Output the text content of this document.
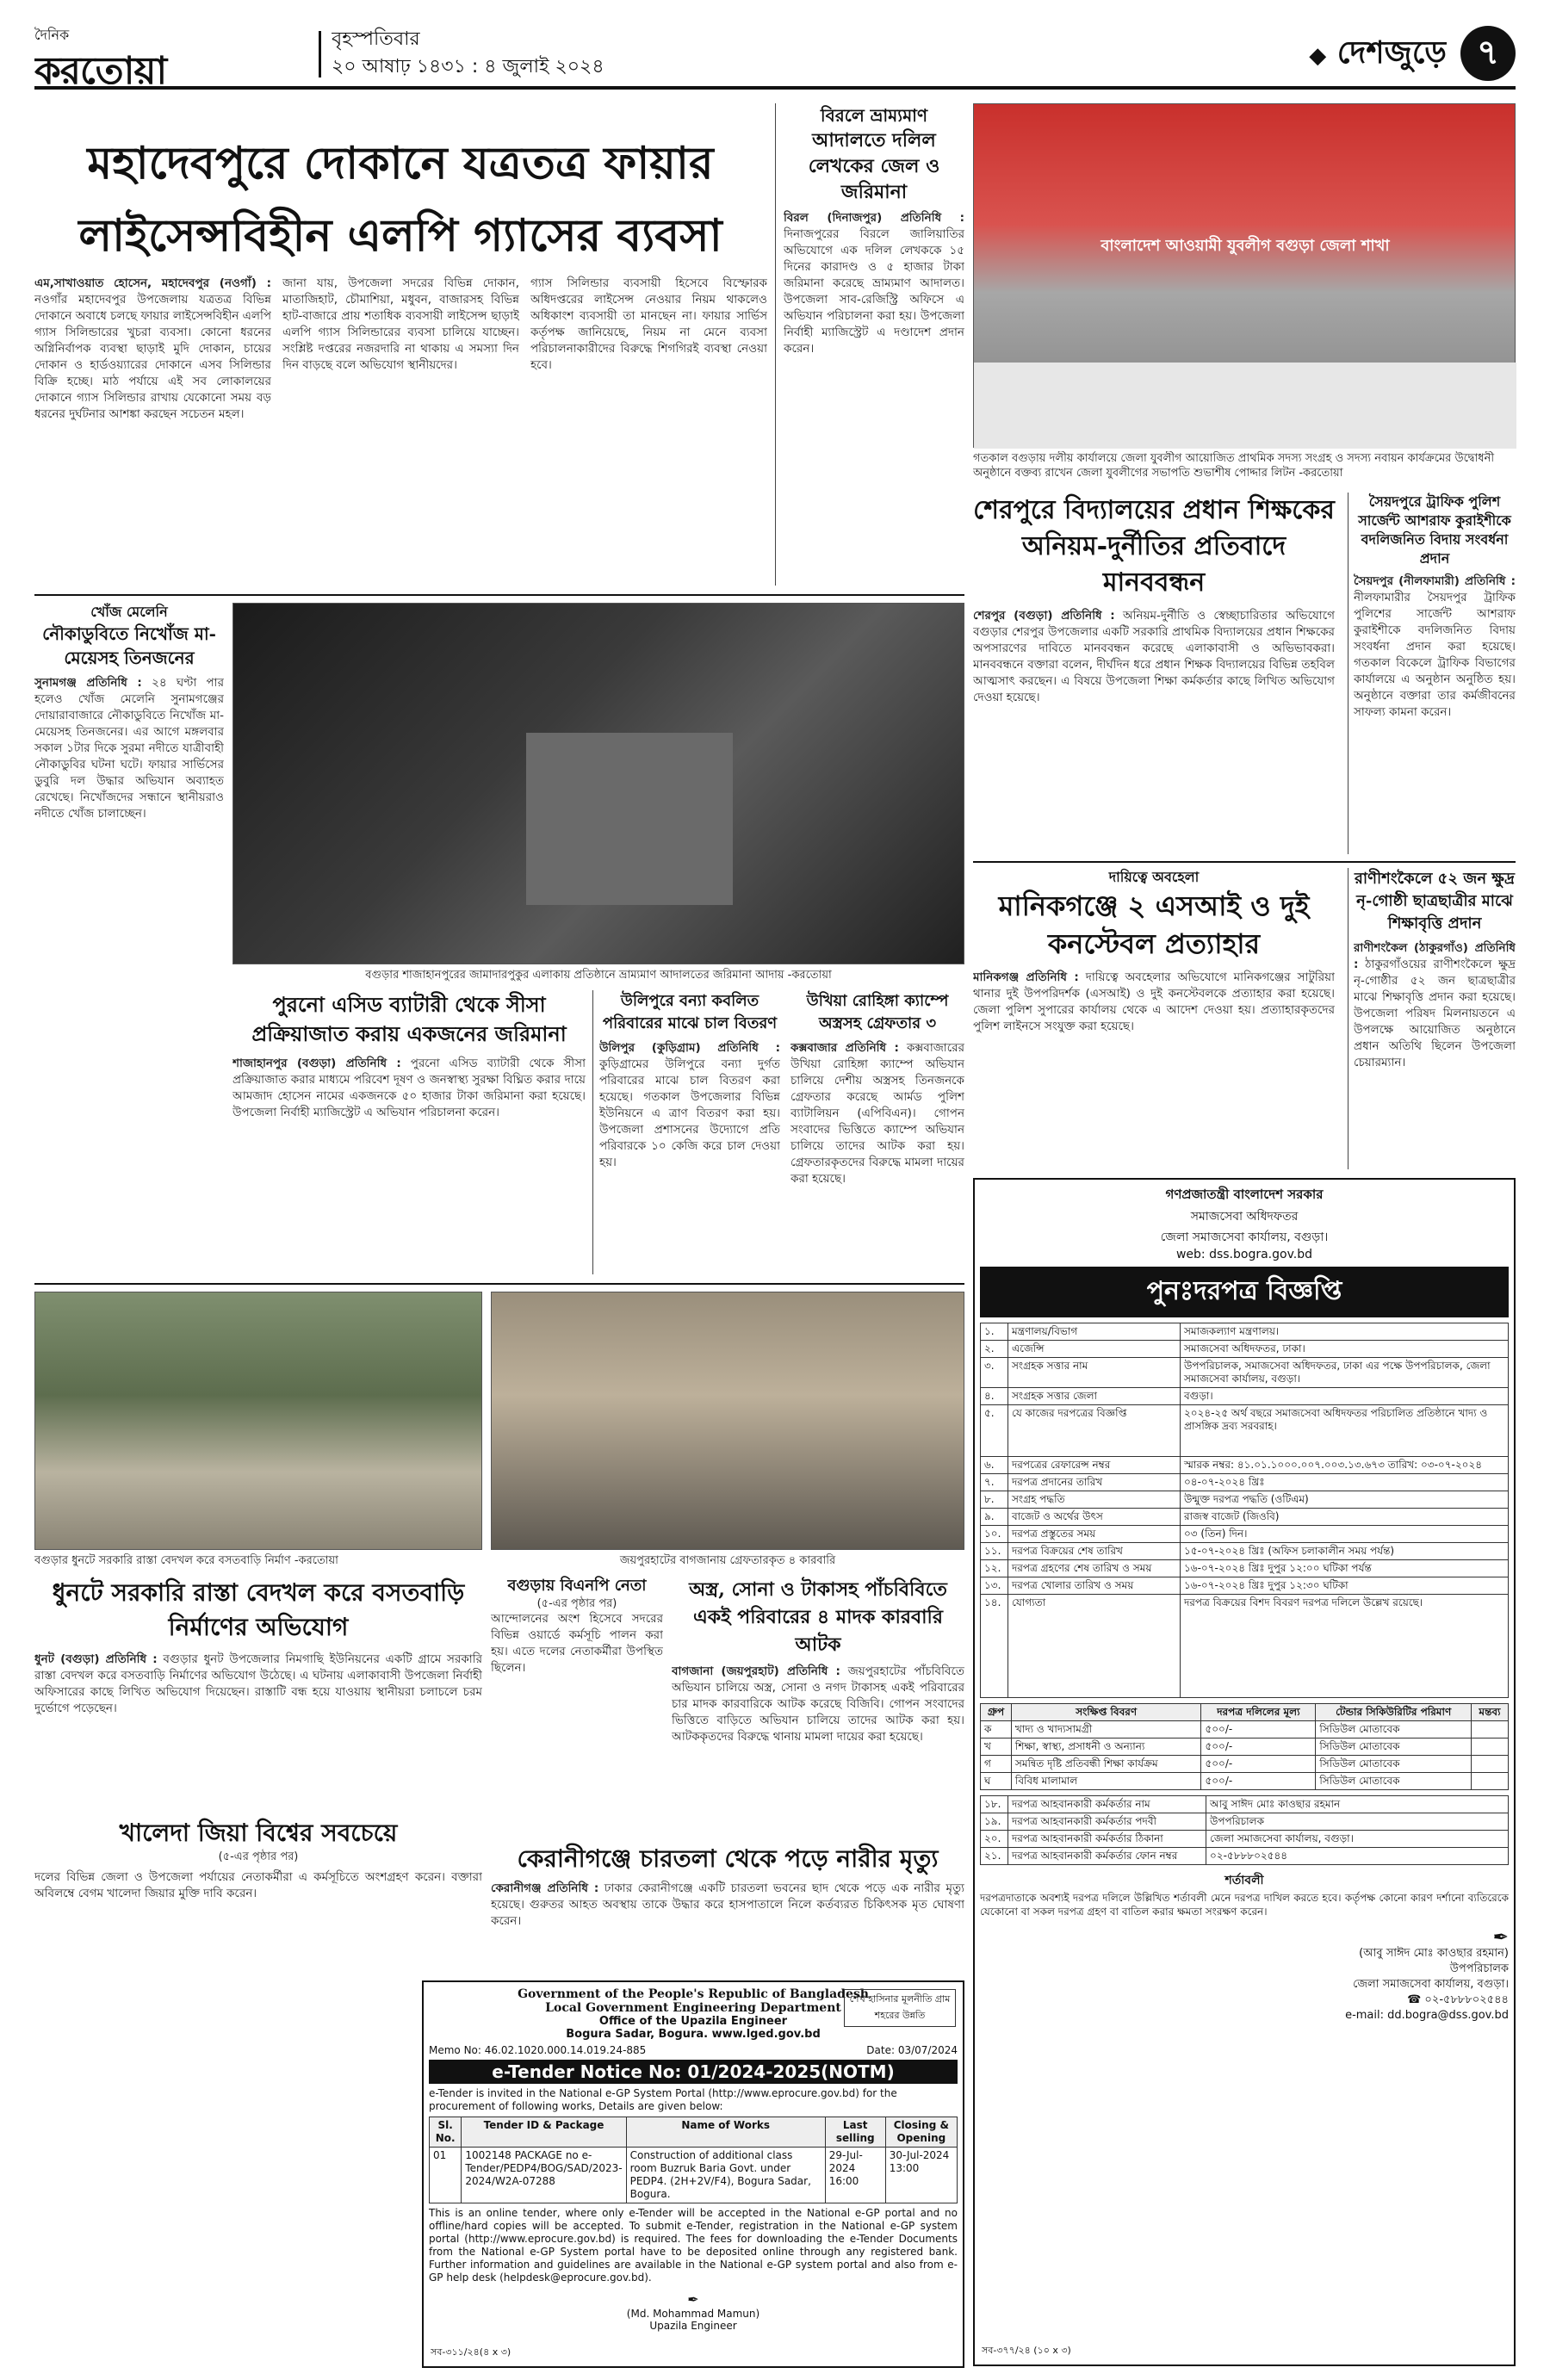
দৈনিক
করতোয়া
বৃহস্পতিবার
২০ আষাঢ় ১৪৩১ : ৪ জুলাই ২০২৪	◆ দেশজুড়ে ৭
মহাদেবপুরে দোকানে যত্রতত্র ফায়ার
লাইসেন্সবিহীন এলপি গ্যাসের ব্যবসা
এম,সাখাওয়াত হোসেন, মহাদেবপুর (নওগাঁ) : নওগাঁর মহাদেবপুর উপজেলায় যত্রতত্র বিভিন্ন দোকানে অবাধে চলছে ফায়ার লাইসেন্সবিহীন এলপি গ্যাস সিলিন্ডারের খুচরা ব্যবসা। কোনো ধরনের অগ্নিনির্বাপক ব্যবস্থা ছাড়াই মুদি দোকান, চায়ের দোকান ও হার্ডওয়্যারের দোকানে এসব সিলিন্ডার বিক্রি হচ্ছে। মাঠ পর্যায়ে এই সব লোকালয়ের দোকানে গ্যাস সিলিন্ডার রাখায় যেকোনো সময় বড় ধরনের দুর্ঘটনার আশঙ্কা করছেন সচেতন মহল।
জানা যায়, উপজেলা সদরের বিভিন্ন দোকান, মাতাজিহাট, চৌমাশিয়া, মধুবন, বাজারসহ বিভিন্ন হাট-বাজারে প্রায় শতাধিক ব্যবসায়ী লাইসেন্স ছাড়াই এলপি গ্যাস সিলিন্ডারের ব্যবসা চালিয়ে যাচ্ছেন। সংশ্লিষ্ট দপ্তরের নজরদারি না থাকায় এ সমস্যা দিন দিন বাড়ছে বলে অভিযোগ স্থানীয়দের।
গ্যাস সিলিন্ডার ব্যবসায়ী হিসেবে বিস্ফোরক অধিদপ্তরের লাইসেন্স নেওয়ার নিয়ম থাকলেও অধিকাংশ ব্যবসায়ী তা মানছেন না। ফায়ার সার্ভিস কর্তৃপক্ষ জানিয়েছে, নিয়ম না মেনে ব্যবসা পরিচালনাকারীদের বিরুদ্ধে শিগগিরই ব্যবস্থা নেওয়া হবে।
বিরলে ভ্রাম্যমাণ
আদালতে দলিল লেখকের জেল ও জরিমানা
বিরল (দিনাজপুর) প্রতিনিধি : দিনাজপুরের বিরলে জালিয়াতির অভিযোগে এক দলিল লেখককে ১৫ দিনের কারাদণ্ড ও ৫ হাজার টাকা জরিমানা করেছে ভ্রাম্যমাণ আদালত। উপজেলা সাব-রেজিস্ট্রি অফিসে এ অভিযান পরিচালনা করা হয়। উপজেলা নির্বাহী ম্যাজিস্ট্রেট এ দণ্ডাদেশ প্রদান করেন।
বাংলাদেশ আওয়ামী যুবলীগ বগুড়া জেলা শাখা
গতকাল বগুড়ায় দলীয় কার্যালয়ে জেলা যুবলীগ আয়োজিত প্রাথমিক সদস্য সংগ্রহ ও সদস্য নবায়ন কার্যক্রমের উদ্বোধনী অনুষ্ঠানে বক্তব্য রাখেন জেলা যুবলীগের সভাপতি শুভাশীষ পোদ্দার লিটন -করতোয়া
শেরপুরে বিদ্যালয়ের প্রধান শিক্ষকের অনিয়ম-দুর্নীতির প্রতিবাদে মানববন্ধন
শেরপুর (বগুড়া) প্রতিনিধি : অনিয়ম-দুর্নীতি ও স্বেচ্ছাচারিতার অভিযোগে বগুড়ার শেরপুর উপজেলার একটি সরকারি প্রাথমিক বিদ্যালয়ের প্রধান শিক্ষকের অপসারণের দাবিতে মানববন্ধন করেছে এলাকাবাসী ও অভিভাবকরা। মানববন্ধনে বক্তারা বলেন, দীর্ঘদিন ধরে প্রধান শিক্ষক বিদ্যালয়ের বিভিন্ন তহবিল আত্মসাৎ করছেন। এ বিষয়ে উপজেলা শিক্ষা কর্মকর্তার কাছে লিখিত অভিযোগ দেওয়া হয়েছে।
সৈয়দপুরে ট্রাফিক পুলিশ সার্জেন্ট আশরাফ কুরাইশীকে বদলিজনিত বিদায় সংবর্ধনা প্রদান
সৈয়দপুর (নীলফামারী) প্রতিনিধি : নীলফামারীর সৈয়দপুর ট্রাফিক পুলিশের সার্জেন্ট আশরাফ কুরাইশীকে বদলিজনিত বিদায় সংবর্ধনা প্রদান করা হয়েছে। গতকাল বিকেলে ট্রাফিক বিভাগের কার্যালয়ে এ অনুষ্ঠান অনুষ্ঠিত হয়। অনুষ্ঠানে বক্তারা তার কর্মজীবনের সাফল্য কামনা করেন।
খোঁজ মেলেনি
নৌকাডুবিতে নিখোঁজ মা-মেয়েসহ তিনজনের
সুনামগঞ্জ প্রতিনিধি : ২৪ ঘণ্টা পার হলেও খোঁজ মেলেনি সুনামগঞ্জের দোয়ারাবাজারে নৌকাডুবিতে নিখোঁজ মা-মেয়েসহ তিনজনের। এর আগে মঙ্গলবার সকাল ১টার দিকে সুরমা নদীতে যাত্রীবাহী নৌকাডুবির ঘটনা ঘটে। ফায়ার সার্ভিসের ডুবুরি দল উদ্ধার অভিযান অব্যাহত রেখেছে। নিখোঁজদের সন্ধানে স্থানীয়রাও নদীতে খোঁজ চালাচ্ছেন।
বগুড়ার শাজাহানপুরের জামাদারপুকুর এলাকায় প্রতিষ্ঠানে ভ্রাম্যমাণ আদালতের জরিমানা আদায় -করতোয়া
পুরনো এসিড ব্যাটারী থেকে সীসা প্রক্রিয়াজাত করায় একজনের জরিমানা
শাজাহানপুর (বগুড়া) প্রতিনিধি : পুরনো এসিড ব্যাটারী থেকে সীসা প্রক্রিয়াজাত করার মাধ্যমে পরিবেশ দূষণ ও জনস্বাস্থ্য সুরক্ষা বিঘ্নিত করার দায়ে আমজাদ হোসেন নামের একজনকে ৫০ হাজার টাকা জরিমানা করা হয়েছে। উপজেলা নির্বাহী ম্যাজিস্ট্রেট এ অভিযান পরিচালনা করেন।
উলিপুরে বন্যা কবলিত পরিবারের মাঝে চাল বিতরণ
উলিপুর (কুড়িগ্রাম) প্রতিনিধি : কুড়িগ্রামের উলিপুরে বন্যা দুর্গত পরিবারের মাঝে চাল বিতরণ করা হয়েছে। গতকাল উপজেলার বিভিন্ন ইউনিয়নে এ ত্রাণ বিতরণ করা হয়। উপজেলা প্রশাসনের উদ্যোগে প্রতি পরিবারকে ১০ কেজি করে চাল দেওয়া হয়।
উখিয়া রোহিঙ্গা ক্যাম্পে অস্ত্রসহ গ্রেফতার ৩
কক্সবাজার প্রতিনিধি : কক্সবাজারের উখিয়া রোহিঙ্গা ক্যাম্পে অভিযান চালিয়ে দেশীয় অস্ত্রসহ তিনজনকে গ্রেফতার করেছে আর্মড পুলিশ ব্যাটালিয়ন (এপিবিএন)। গোপন সংবাদের ভিত্তিতে ক্যাম্পে অভিযান চালিয়ে তাদের আটক করা হয়। গ্রেফতারকৃতদের বিরুদ্ধে মামলা দায়ের করা হয়েছে।
দায়িত্বে অবহেলা
মানিকগঞ্জে ২ এসআই ও দুই কনস্টেবল প্রত্যাহার
মানিকগঞ্জ প্রতিনিধি : দায়িত্বে অবহেলার অভিযোগে মানিকগঞ্জের সাটুরিয়া থানার দুই উপপরিদর্শক (এসআই) ও দুই কনস্টেবলকে প্রত্যাহার করা হয়েছে। জেলা পুলিশ সুপারের কার্যালয় থেকে এ আদেশ দেওয়া হয়। প্রত্যাহারকৃতদের পুলিশ লাইনসে সংযুক্ত করা হয়েছে।
রাণীশংকৈলে ৫২ জন ক্ষুদ্র নৃ-গোষ্ঠী ছাত্রছাত্রীর মাঝে শিক্ষাবৃত্তি প্রদান
রাণীশংকৈল (ঠাকুরগাঁও) প্রতিনিধি : ঠাকুরগাঁওয়ের রাণীশংকৈলে ক্ষুদ্র নৃ-গোষ্ঠীর ৫২ জন ছাত্রছাত্রীর মাঝে শিক্ষাবৃত্তি প্রদান করা হয়েছে। উপজেলা পরিষদ মিলনায়তনে এ উপলক্ষে আয়োজিত অনুষ্ঠানে প্রধান অতিথি ছিলেন উপজেলা চেয়ারম্যান।
বগুড়ার ধুনটে সরকারি রাস্তা বেদখল করে বসতবাড়ি নির্মাণ -করতোয়া	জয়পুরহাটের বাগজানায় গ্রেফতারকৃত ৪ কারবারি
ধুনটে সরকারি রাস্তা বেদখল করে বসতবাড়ি নির্মাণের অভিযোগ
ধুনট (বগুড়া) প্রতিনিধি : বগুড়ার ধুনট উপজেলার নিমগাছি ইউনিয়নের একটি গ্রামে সরকারি রাস্তা বেদখল করে বসতবাড়ি নির্মাণের অভিযোগ উঠেছে। এ ঘটনায় এলাকাবাসী উপজেলা নির্বাহী অফিসারের কাছে লিখিত অভিযোগ দিয়েছেন। রাস্তাটি বন্ধ হয়ে যাওয়ায় স্থানীয়রা চলাচলে চরম দুর্ভোগে পড়েছেন।
বগুড়ায় বিএনপি নেতা
(৫-এর পৃষ্ঠার পর)
আন্দোলনের অংশ হিসেবে সদরের বিভিন্ন ওয়ার্ডে কর্মসূচি পালন করা হয়। এতে দলের নেতাকর্মীরা উপস্থিত ছিলেন।
অস্ত্র, সোনা ও টাকাসহ পাঁচবিবিতে একই পরিবারের ৪ মাদক কারবারি আটক
বাগজানা (জয়পুরহাট) প্রতিনিধি : জয়পুরহাটের পাঁচবিবিতে অভিযান চালিয়ে অস্ত্র, সোনা ও নগদ টাকাসহ একই পরিবারের চার মাদক কারবারিকে আটক করেছে বিজিবি। গোপন সংবাদের ভিত্তিতে বাড়িতে অভিযান চালিয়ে তাদের আটক করা হয়। আটককৃতদের বিরুদ্ধে থানায় মামলা দায়ের করা হয়েছে।
খালেদা জিয়া বিশ্বের সবচেয়ে
(৫-এর পৃষ্ঠার পর)
দলের বিভিন্ন জেলা ও উপজেলা পর্যায়ের নেতাকর্মীরা এ কর্মসূচিতে অংশগ্রহণ করেন। বক্তারা অবিলম্বে বেগম খালেদা জিয়ার মুক্তি দাবি করেন।
কেরানীগঞ্জে চারতলা থেকে পড়ে নারীর মৃত্যু
কেরানীগঞ্জ প্রতিনিধি : ঢাকার কেরানীগঞ্জে একটি চারতলা ভবনের ছাদ থেকে পড়ে এক নারীর মৃত্যু হয়েছে। গুরুতর আহত অবস্থায় তাকে উদ্ধার করে হাসপাতালে নিলে কর্তব্যরত চিকিৎসক মৃত ঘোষণা করেন।
Government of the People's Republic of Bangladesh
Local Government Engineering Department
Office of the Upazila Engineer
Bogura Sadar, Bogura. www.lged.gov.bd
শেখ হাসিনার মূলনীতি গ্রাম শহরের উন্নতি
Memo No: 46.02.1020.000.14.019.24-885	Date: 03/07/2024
e-Tender Notice No: 01/2024-2025(NOTM)
e-Tender is invited in the National e-GP System Portal (http://www.eprocure.gov.bd) for the procurement of following works, Details are given below:
Sl. No.	Tender ID & Package	Name of Works	Last selling	Closing & Opening
01	1002148 PACKAGE no e-Tender/PEDP4/BOG/SAD/2023-2024/W2A-07288	Construction of additional class room Buzruk Baria Govt. under PEDP4. (2H+2V/F4), Bogura Sadar, Bogura.	29-Jul-2024 16:00	30-Jul-2024 13:00
This is an online tender, where only e-Tender will be accepted in the National e-GP portal and no offline/hard copies will be accepted. To submit e-Tender, registration in the National e-GP system portal (http://www.eprocure.gov.bd) is required. The fees for downloading the e-Tender Documents from the National e-GP System portal have to be deposited online through any registered bank. Further information and guidelines are available in the National e-GP system portal and also from e-GP help desk (helpdesk@eprocure.gov.bd).
✒
(Md. Mohammad Mamun)
Upazila Engineer
সব-৩১১/২৪(৪ x ৩)
গণপ্রজাতন্ত্রী বাংলাদেশ সরকার
সমাজসেবা অধিদফতর
জেলা সমাজসেবা কার্যালয়, বগুড়া।
web: dss.bogra.gov.bd
পুনঃদরপত্র বিজ্ঞপ্তি
১.	মন্ত্রণালয়/বিভাগ	সমাজকল্যাণ মন্ত্রণালয়।
২.	এজেন্সি	সমাজসেবা অধিদফতর, ঢাকা।
৩.	সংগ্রহক সত্তার নাম	উপপরিচালক, সমাজসেবা অধিদফতর, ঢাকা এর পক্ষে উপপরিচালক, জেলা সমাজসেবা কার্যালয়, বগুড়া।
৪.	সংগ্রহক সত্তার জেলা	বগুড়া।
৫.	যে কাজের দরপত্রের বিজ্ঞপ্তি	২০২৪-২৫ অর্থ বছরে সমাজসেবা অধিদফতর পরিচালিত প্রতিষ্ঠানে খাদ্য ও প্রাসঙ্গিক দ্রব্য সরবরাহ।
৬.	দরপত্রের রেফারেন্স নম্বর	স্মারক নম্বর: ৪১.০১.১০০০.০০৭.০০৩.১৩.৬৭৩ তারিখ: ০৩-০৭-২০২৪
৭.	দরপত্র প্রদানের তারিখ	০৪-০৭-২০২৪ খ্রিঃ
৮.	সংগ্রহ পদ্ধতি	উন্মুক্ত দরপত্র পদ্ধতি (ওটিএম)
৯.	বাজেট ও অর্থের উৎস	রাজস্ব বাজেট (জিওবি)
১০.	দরপত্র প্রস্তুতের সময়	০৩ (তিন) দিন।
১১.	দরপত্র বিক্রয়ের শেষ তারিখ	১৫-০৭-২০২৪ খ্রিঃ (অফিস চলাকালীন সময় পর্যন্ত)
১২.	দরপত্র গ্রহণের শেষ তারিখ ও সময়	১৬-০৭-২০২৪ খ্রিঃ দুপুর ১২:০০ ঘটিকা পর্যন্ত
১৩.	দরপত্র খোলার তারিখ ও সময়	১৬-০৭-২০২৪ খ্রিঃ দুপুর ১২:৩০ ঘটিকা
১৪.	যোগ্যতা	দরপত্র বিক্রয়ের বিশদ বিবরণ দরপত্র দলিলে উল্লেখ রয়েছে।
গ্রুপ	সংক্ষিপ্ত বিবরণ	দরপত্র দলিলের মূল্য	টেন্ডার সিকিউরিটির পরিমাণ	মন্তব্য
ক	খাদ্য ও খাদ্যসামগ্রী	৫০০/-	সিডিউল মোতাবেক	
খ	শিক্ষা, স্বাস্থ্য, প্রসাধনী ও অন্যান্য	৫০০/-	সিডিউল মোতাবেক	
গ	সমন্বিত দৃষ্টি প্রতিবন্ধী শিক্ষা কার্যক্রম	৫০০/-	সিডিউল মোতাবেক	
ঘ	বিবিধ মালামাল	৫০০/-	সিডিউল মোতাবেক	
১৮.	দরপত্র আহবানকারী কর্মকর্তার নাম	আবু সাঈদ মোঃ কাওছার রহমান
১৯.	দরপত্র আহবানকারী কর্মকর্তার পদবী	উপপরিচালক
২০.	দরপত্র আহবানকারী কর্মকর্তার ঠিকানা	জেলা সমাজসেবা কার্যালয়, বগুড়া।
২১.	দরপত্র আহবানকারী কর্মকর্তার ফোন নম্বর	০২-৫৮৮৮০২৫৪৪
শর্তাবলী
দরপত্রদাতাকে অবশ্যই দরপত্র দলিলে উল্লিখিত শর্তাবলী মেনে দরপত্র দাখিল করতে হবে। কর্তৃপক্ষ কোনো কারণ দর্শানো ব্যতিরেকে যেকোনো বা সকল দরপত্র গ্রহণ বা বাতিল করার ক্ষমতা সংরক্ষণ করেন।
✒
(আবু সাঈদ মোঃ কাওছার রহমান)
উপপরিচালক
জেলা সমাজসেবা কার্যালয়, বগুড়া।
☎ ০২-৫৮৮৮০২৫৪৪
e-mail: dd.bogra@dss.gov.bd
সব-৩৭৭/২৪ (১০ x ৩)
